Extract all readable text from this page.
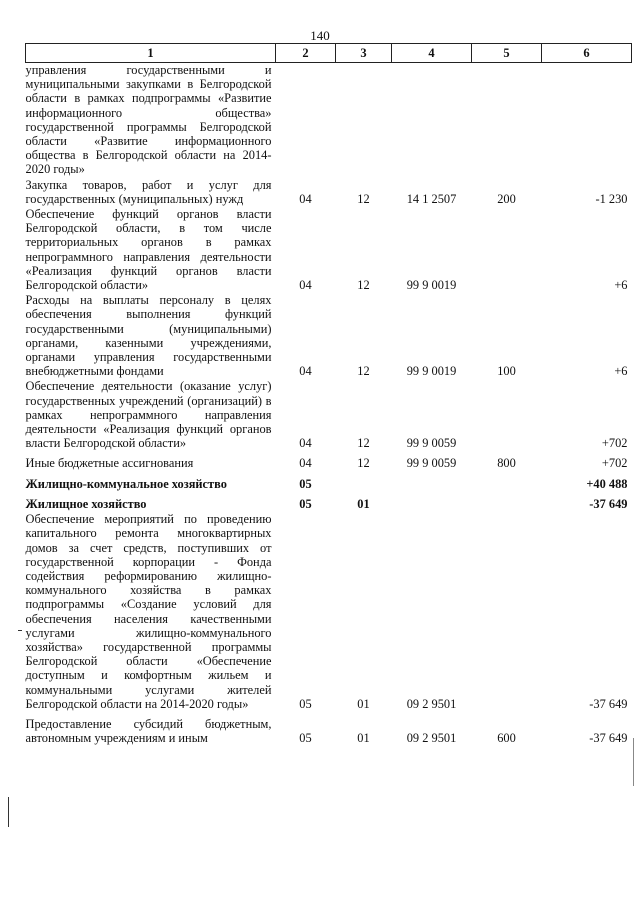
140
1	2	3	4	5	6
управления государственными и муниципальными закупками в Белгородской области в рамках подпрограммы «Развитие информационного общества» государственной программы Белгородской области «Развитие информационного общества в Белгородской области на 2014-2020 годы»					
Закупка товаров, работ и услуг для государственных (муниципальных) нужд	04	12	14 1 2507	200	-1 230
Обеспечение функций органов власти Белгородской области, в том числе территориальных органов в рамках непрограммного направления деятельности «Реализация функций органов власти Белгородской области»	04	12	99 9 0019		+6
Расходы на выплаты персоналу в целях обеспечения выполнения функций государственными (муниципальными) органами, казенными учреждениями, органами управления государственными внебюджетными фондами	04	12	99 9 0019	100	+6
Обеспечение деятельности (оказание услуг) государственных учреждений (организаций) в рамках непрограммного направления деятельности «Реализация функций органов власти Белгородской области»	04	12	99 9 0059		+702
Иные бюджетные ассигнования	04	12	99 9 0059	800	+702
Жилищно-коммунальное хозяйство	05				+40 488
Жилищное хозяйство	05	01			-37 649
Обеспечение мероприятий по проведению капитального ремонта многоквартирных домов за счет средств, поступивших от государственной корпорации - Фонда содействия реформированию жилищно-коммунального хозяйства в рамках подпрограммы «Создание условий для обеспечения населения качественными услугами жилищно-коммунального хозяйства» государственной программы Белгородской области «Обеспечение доступным и комфортным жильем и коммунальными услугами жителей Белгородской области на 2014-2020 годы»	05	01	09 2 9501		-37 649
Предоставление субсидий бюджетным, автономным учреждениям и иным	05	01	09 2 9501	600	-37 649
